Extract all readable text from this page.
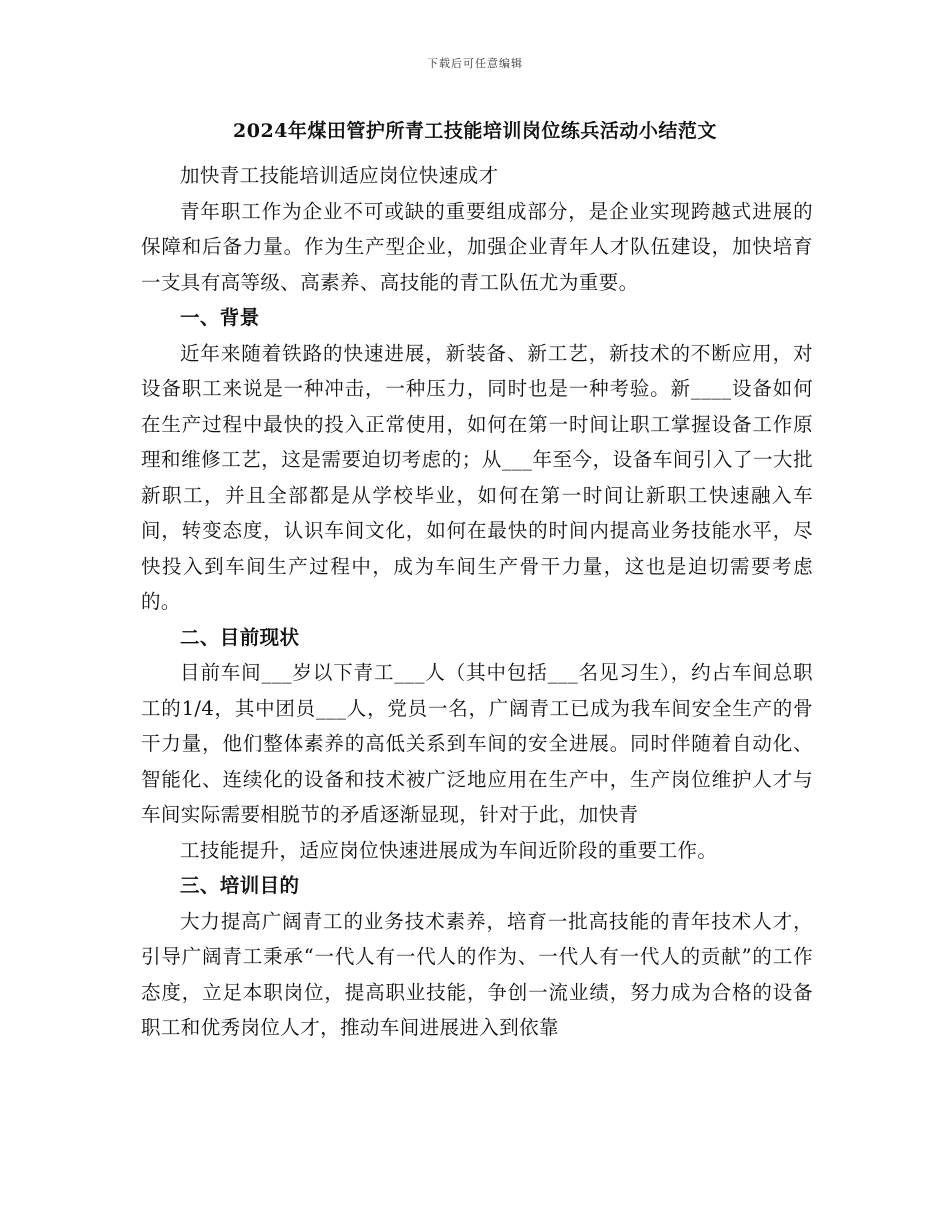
下载后可任意编辑
2024年煤田管护所青工技能培训岗位练兵活动小结范文

加快青工技能培训适应岗位快速成才

青年职工作为企业不可或缺的重要组成部分，是企业实现跨越式进展的保障和后备力量。作为生产型企业，加强企业青年人才队伍建设，加快培育一支具有高等级、高素养、高技能的青工队伍尤为重要。

一、背景

近年来随着铁路的快速进展，新装备、新工艺，新技术的不断应用，对设备职工来说是一种冲击，一种压力，同时也是一种考验。新____设备如何在生产过程中最快的投入正常使用，如何在第一时间让职工掌握设备工作原理和维修工艺，这是需要迫切考虑的；从___年至今，设备车间引入了一大批新职工，并且全部都是从学校毕业，如何在第一时间让新职工快速融入车间，转变态度，认识车间文化，如何在最快的时间内提高业务技能水平，尽快投入到车间生产过程中，成为车间生产骨干力量，这也是迫切需要考虑的。

二、目前现状

目前车间___岁以下青工___人（其中包括___名见习生），约占车间总职工的1/4，其中团员___人，党员一名，广阔青工已成为我车间安全生产的骨干力量，他们整体素养的高低关系到车间的安全进展。同时伴随着自动化、智能化、连续化的设备和技术被广泛地应用在生产中，生产岗位维护人才与车间实际需要相脱节的矛盾逐渐显现，针对于此，加快青

工技能提升，适应岗位快速进展成为车间近阶段的重要工作。

三、培训目的

大力提高广阔青工的业务技术素养，培育一批高技能的青年技术人才，引导广阔青工秉承“一代人有一代人的作为、一代人有一代人的贡献”的工作态度，立足本职岗位，提高职业技能，争创一流业绩，努力成为合格的设备职工和优秀岗位人才，推动车间进展进入到依靠
